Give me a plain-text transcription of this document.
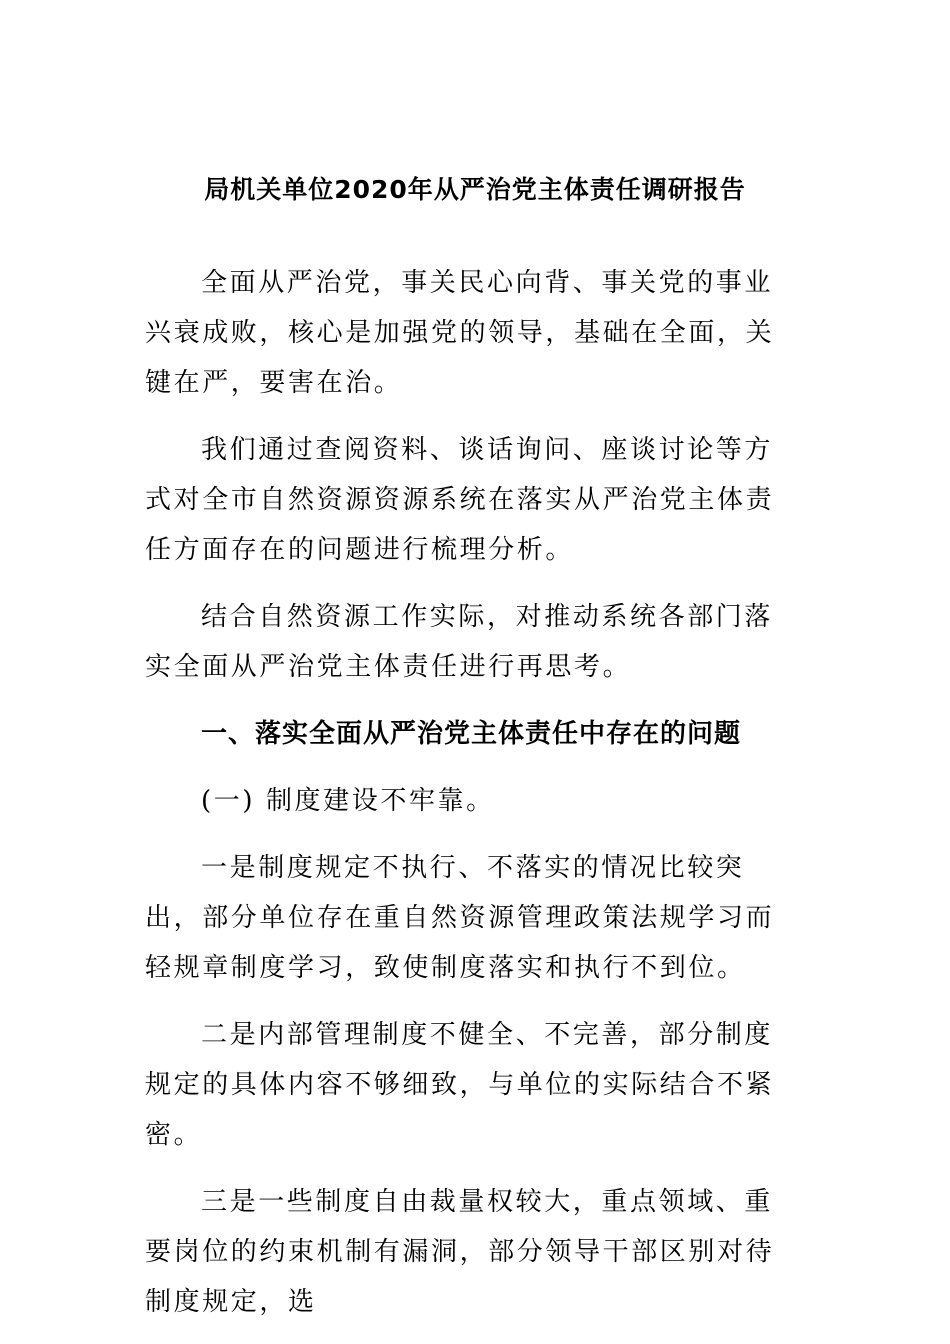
局机关单位2020年从严治党主体责任调研报告

全面从严治党，事关民心向背、事关党的事业兴衰成败，核心是加强党的领导，基础在全面，关键在严，要害在治。

我们通过查阅资料、谈话询问、座谈讨论等方式对全市自然资源资源系统在落实从严治党主体责任方面存在的问题进行梳理分析。

结合自然资源工作实际，对推动系统各部门落实全面从严治党主体责任进行再思考。

一、落实全面从严治党主体责任中存在的问题

(一) 制度建设不牢靠。

一是制度规定不执行、不落实的情况比较突出，部分单位存在重自然资源管理政策法规学习而轻规章制度学习，致使制度落实和执行不到位。

二是内部管理制度不健全、不完善，部分制度规定的具体内容不够细致，与单位的实际结合不紧密。

三是一些制度自由裁量权较大，重点领域、重要岗位的约束机制有漏洞，部分领导干部区别对待制度规定，选
